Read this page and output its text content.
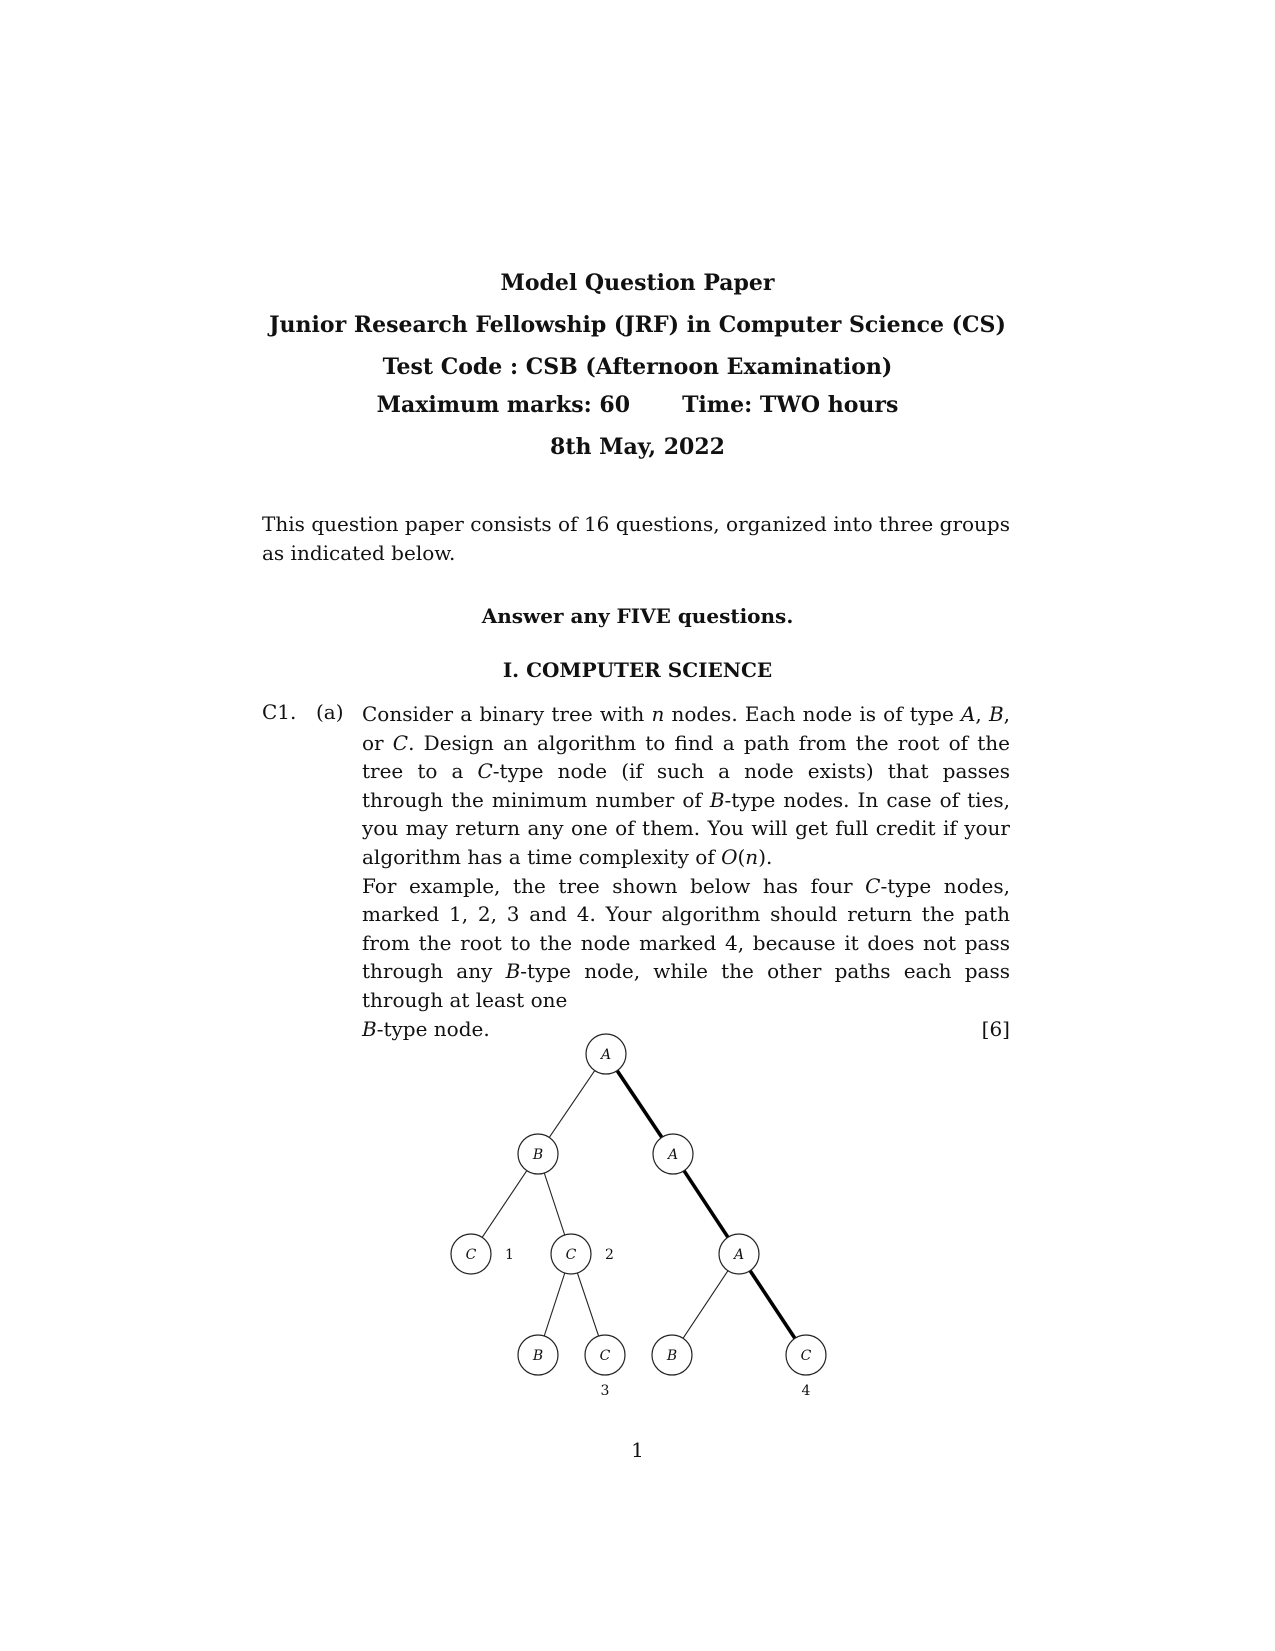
Model Question Paper
Junior Research Fellowship (JRF) in Computer Science (CS)
Test Code : CSB (Afternoon Examination)
Maximum marks: 60 Time: TWO hours
8th May, 2022
This question paper consists of 16 questions, organized into three groups as indicated below.
Answer any FIVE questions.
I. COMPUTER SCIENCE
C1. (a) Consider a binary tree with n nodes. Each node is of type A, B, or C. Design an algorithm to find a path from the root of the tree to a C-type node (if such a node exists) that passes through the minimum number of B-type nodes. In case of ties, you may return any one of them. You will get full credit if your algorithm has a time complexity of O(n).

For example, the tree shown below has four C-type nodes, marked 1, 2, 3 and 4. Your algorithm should return the path from the root to the node marked 4, because it does not pass through any B-type node, while the other paths each pass through at least one

B-type node.	[6]
A
B	A
C 1	C 2	A
B	C
3
B	C
4
1
